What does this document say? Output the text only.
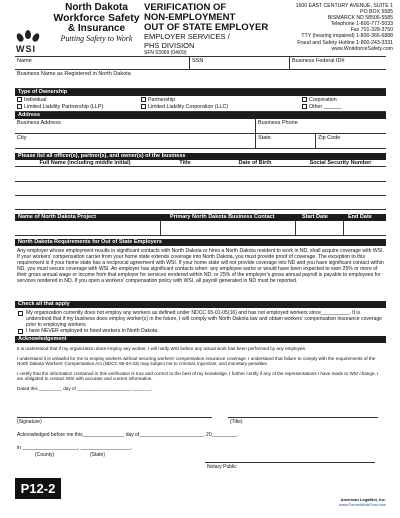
WSI
North Dakota
Workforce Safety
& Insurance
Putting Safety to Work
VERIFICATION OF
NON-EMPLOYMENT
OUT OF STATE EMPLOYER
EMPLOYER SERVICES /
PHS DIVISION
SFN 53069 (04/09)
1600 EAST CENTURY AVENUE, SUITE 1
PO BOX 5585
BISMARCK ND 58506-5585
Telephone 1-800-777-5033
Fax 701-328-3750
TTY (hearing impaired) 1-800-366-6888
Fraud and Safety Hotline 1-800-243-3331
www.WorkforceSafety.com
Name	SSN	Business Federal ID#
Business Name as Registered in North Dakota
Type of Ownership
Individual	Partnership	Corporation
Limited Liability Partnership (LLP)	Limited Liability Corporation (LLC)	Other ______
Address
Business Address	Business Phone
City	State	Zip Code
Please list all officer(s), partner(s), and owner(s) of the business
Full Name (including middle initial)	Title	Date of Birth	Social Security Number
Name of North Dakota Project	Primary North Dakota Business Contact	Start Date	End Date
North Dakota Requirements for Out of State Employers
Any employer whose employment results in significant contacts with North Dakota or hires a North Dakota resident to work in ND, shall acquire coverage with WSI. If your workers' compensation carrier from your home state extends coverage into North Dakota, you must provide proof of coverage. The exception to this requirement is if your home state has a reciprocal agreement with WSI. If your home state will not provide coverage into ND and you have significant contact within ND, you must secure coverage with WSI. An employer has significant contacts when: any employee earns or would have been expected to earn 25% or more of their gross annual wage or income from that employer for services rendered within ND; or 25% of the employer's gross annual payroll is payable to employees for services rendered in ND. If you open a workers' compensation policy with WSI, all payroll generated in ND must be reported.
Check all that apply
My organization currently does not employ any workers as defined under NDCC 65-01-05(16) and has not employed workers since__________. It is understood that if my business does employ worker(s) in the future, I will comply with North Dakota law and obtain workers' compensation insurance coverage prior to employing workers
I have NEVER employed or hired workers in North Dakota.
Acknowledgement
It is understood that if my organization does employ any worker, I will notify WSI before any actual work has been performed by any employee.
I understand it is unlawful for me to employ workers without securing workers' compensation insurance coverage. I understand that failure to comply with the requirements of the North Dakota Workers' Compensation Act (NDCC 65-04-33) may subject me to criminal, injunctive, and monetary penalties.
I certify that the information contained in this verification is true and correct to the best of my knowledge. I further certify if any of the representations I have made to WSI change, I am obligated to contact WSI with accurate and current information.
Dated this _________ day of _____________________, _______.
(Signature)	(Title)
Acknowledged before me this_______________ day of_______________________, 20_________.
in ____________________, __________________.
(County)	(State)
Notary Public
P12-2
American LegalNet, Inc.
www.FormsWorkFlow.com
